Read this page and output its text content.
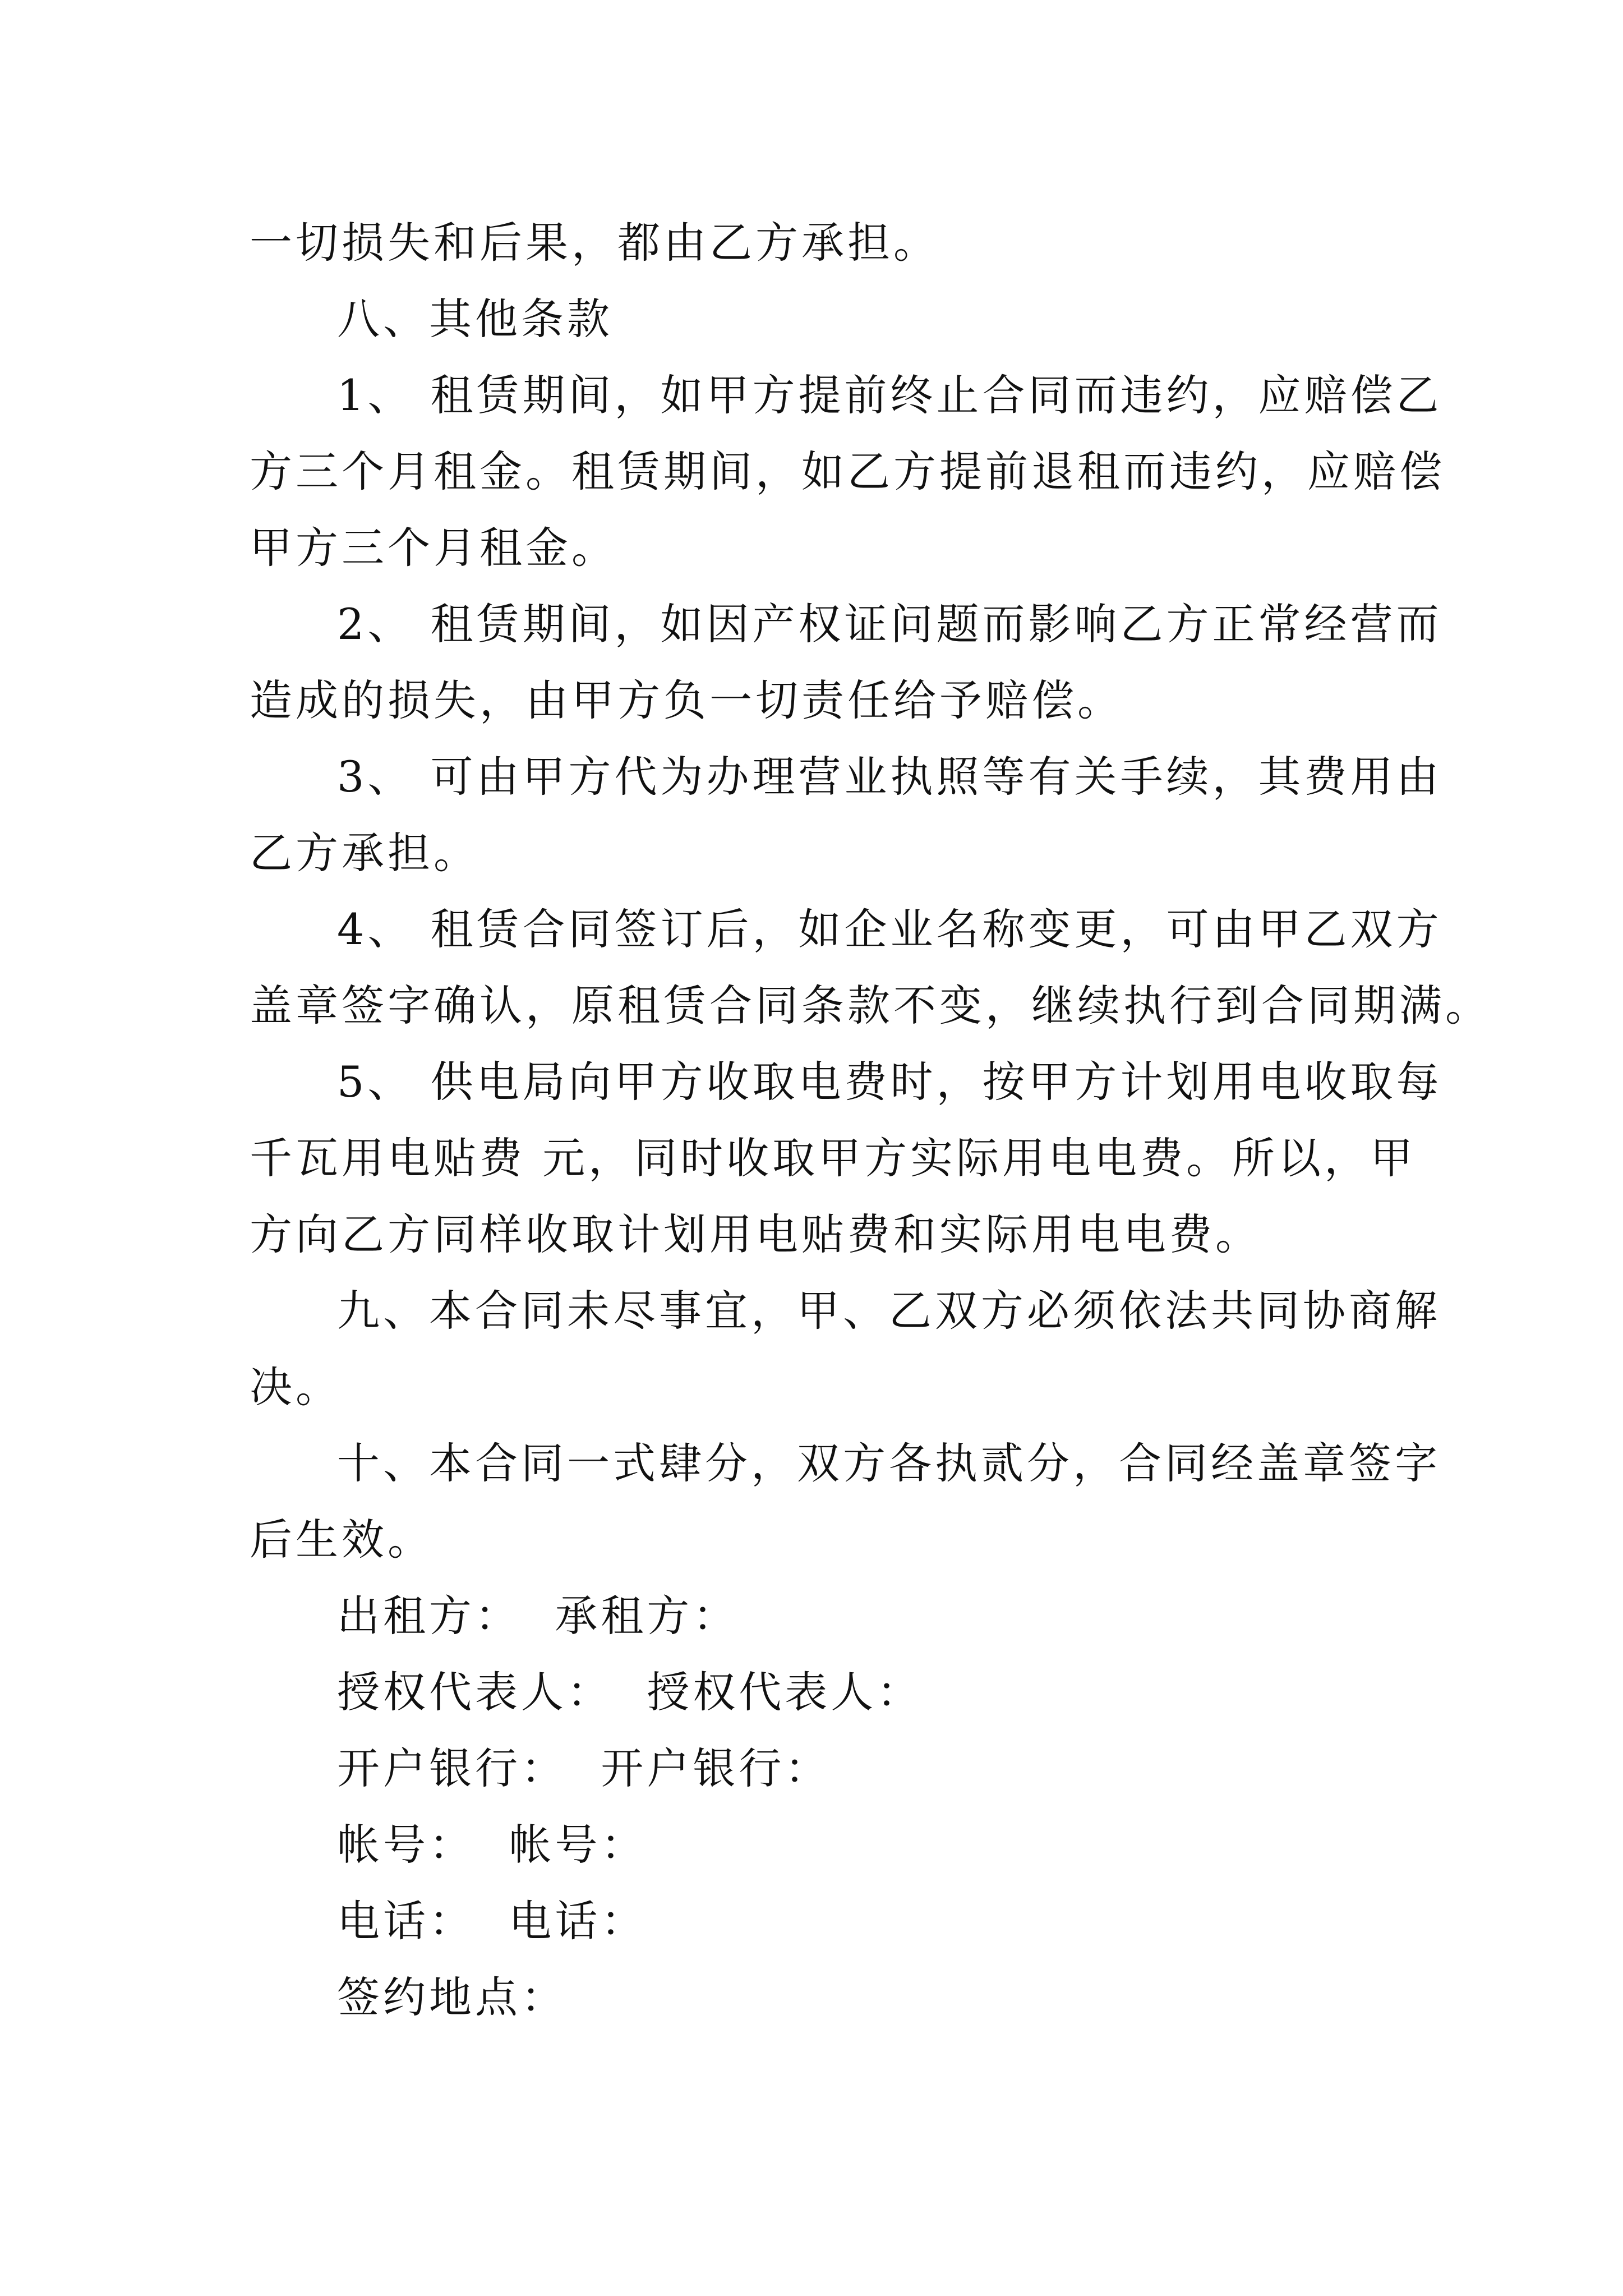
一切损失和后果，都由乙方承担。
八、其他条款
1、 租赁期间，如甲方提前终止合同而违约，应赔偿乙
方三个月租金。租赁期间，如乙方提前退租而违约，应赔偿
甲方三个月租金。
2、 租赁期间，如因产权证问题而影响乙方正常经营而
造成的损失，由甲方负一切责任给予赔偿。
3、 可由甲方代为办理营业执照等有关手续，其费用由
乙方承担。
4、 租赁合同签订后，如企业名称变更，可由甲乙双方
盖章签字确认，原租赁合同条款不变，继续执行到合同期满。
5、 供电局向甲方收取电费时，按甲方计划用电收取每
千瓦用电贴费 元，同时收取甲方实际用电电费。所以，甲
方向乙方同样收取计划用电贴费和实际用电电费。
九、本合同未尽事宜，甲、乙双方必须依法共同协商解
决。
十、本合同一式肆分，双方各执贰分，合同经盖章签字
后生效。
出租方： 承租方：
授权代表人： 授权代表人：
开户银行： 开户银行：
帐号： 帐号：
电话： 电话：
签约地点：
